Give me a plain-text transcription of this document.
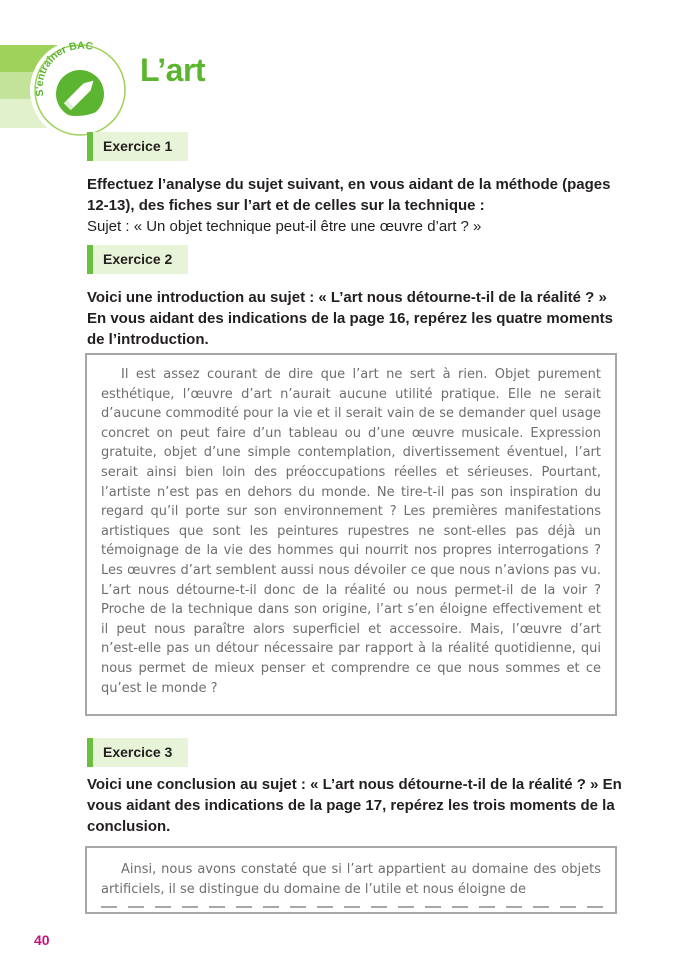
S'entraîner BAC
L’art
Exercice 1
Effectuez l’analyse du sujet suivant, en vous aidant de la méthode (pages 12-13), des fiches sur l’art et de celles sur la technique :
Sujet : « Un objet technique peut-il être une œuvre d’art ? »
Exercice 2
Voici une introduction au sujet : « L’art nous détourne-t-il de la réalité ? » En vous aidant des indications de la page 16, repérez les quatre moments de l’introduction.

Il est assez courant de dire que l’art ne sert à rien. Objet purement esthétique, l’œuvre d’art n’aurait aucune utilité pratique. Elle ne serait d’aucune commodité pour la vie et il serait vain de se demander quel usage concret on peut faire d’un tableau ou d’une œuvre musicale. Expression gratuite, objet d’une simple contemplation, divertissement éventuel, l’art serait ainsi bien loin des préoccupations réelles et sérieuses. Pourtant, l’artiste n’est pas en dehors du monde. Ne tire-t-il pas son inspiration du regard qu’il porte sur son environnement ? Les premières manifestations artistiques que sont les peintures rupestres ne sont-elles pas déjà un témoignage de la vie des hommes qui nourrit nos propres interrogations ? Les œuvres d’art semblent aussi nous dévoiler ce que nous n’avions pas vu. L’art nous détourne-t-il donc de la réalité ou nous permet-il de la voir ? Proche de la technique dans son origine, l’art s’en éloigne effectivement et il peut nous paraître alors superficiel et accessoire. Mais, l’œuvre d’art n’est-elle pas un détour nécessaire par rapport à la réalité quotidienne, qui nous permet de mieux penser et comprendre ce que nous sommes et ce qu’est le monde ?

Exercice 3
Voici une conclusion au sujet : « L’art nous détourne-t-il de la réalité ? » En vous aidant des indications de la page 17, repérez les trois moments de la conclusion.

Ainsi, nous avons constaté que si l’art appartient au domaine des objets artificiels, il se distingue du domaine de l’utile et nous éloigne de

40
